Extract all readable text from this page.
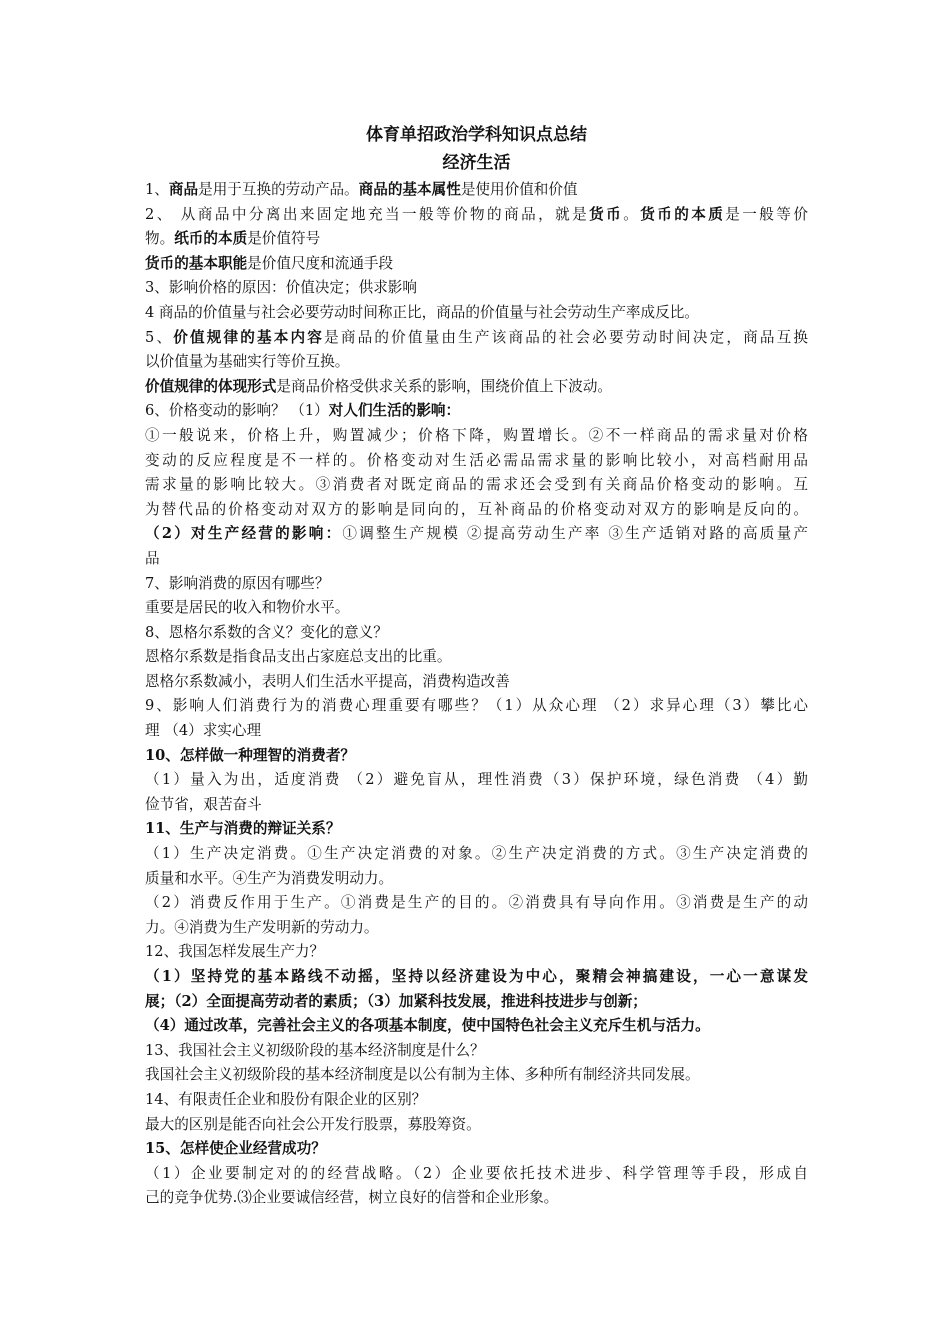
体育单招政治学科知识点总结
经济生活

1、商品是用于互换的劳动产品。商品的基本属性是使用价值和价值

2、 从商品中分离出来固定地充当一般等价物的商品，就是货币。货币的本质是一般等价

物。纸币的本质是价值符号

货币的基本职能是价值尺度和流通手段

3、影响价格的原因：价值决定；供求影响

4 商品的价值量与社会必要劳动时间称正比，商品的价值量与社会劳动生产率成反比。

5、价值规律的基本内容是商品的价值量由生产该商品的社会必要劳动时间决定，商品互换

以价值量为基础实行等价互换。

价值规律的体现形式是商品价格受供求关系的影响，围绕价值上下波动。

6、价格变动的影响？ （1）对人们生活的影响：

①一般说来，价格上升，购置减少；价格下降，购置增长。②不一样商品的需求量对价格

变动的反应程度是不一样的。价格变动对生活必需品需求量的影响比较小，对高档耐用品

需求量的影响比较大。③消费者对既定商品的需求还会受到有关商品价格变动的影响。互

为替代品的价格变动对双方的影响是同向的，互补商品的价格变动对双方的影响是反向的。

（2）对生产经营的影响：①调整生产规模 ②提高劳动生产率 ③生产适销对路的高质量产

品

7、影响消费的原因有哪些？

重要是居民的收入和物价水平。

8、恩格尔系数的含义？变化的意义？

恩格尔系数是指食品支出占家庭总支出的比重。

恩格尔系数减小，表明人们生活水平提高，消费构造改善

9、影响人们消费行为的消费心理重要有哪些？（1）从众心理 （2）求异心理（3）攀比心

理 （4）求实心理

10、怎样做一种理智的消费者？

（1）量入为出，适度消费 （2）避免盲从，理性消费（3）保护环境，绿色消费 （4）勤

俭节省，艰苦奋斗

11、生产与消费的辩证关系？

（1）生产决定消费。①生产决定消费的对象。②生产决定消费的方式。③生产决定消费的

质量和水平。④生产为消费发明动力。

（2）消费反作用于生产。①消费是生产的目的。②消费具有导向作用。③消费是生产的动

力。④消费为生产发明新的劳动力。

12、我国怎样发展生产力？

（1）坚持党的基本路线不动摇，坚持以经济建设为中心，聚精会神搞建设，一心一意谋发

展；（2）全面提高劳动者的素质；（3）加紧科技发展，推进科技进步与创新；

（4）通过改革，完善社会主义的各项基本制度，使中国特色社会主义充斥生机与活力。

13、我国社会主义初级阶段的基本经济制度是什么？

我国社会主义初级阶段的基本经济制度是以公有制为主体、多种所有制经济共同发展。

14、有限责任企业和股份有限企业的区别？

最大的区别是能否向社会公开发行股票，募股筹资。

15、怎样使企业经营成功？

（1）企业要制定对的的经营战略。（2）企业要依托技术进步、科学管理等手段，形成自

己的竞争优势.⑶企业要诚信经营，树立良好的信誉和企业形象。
